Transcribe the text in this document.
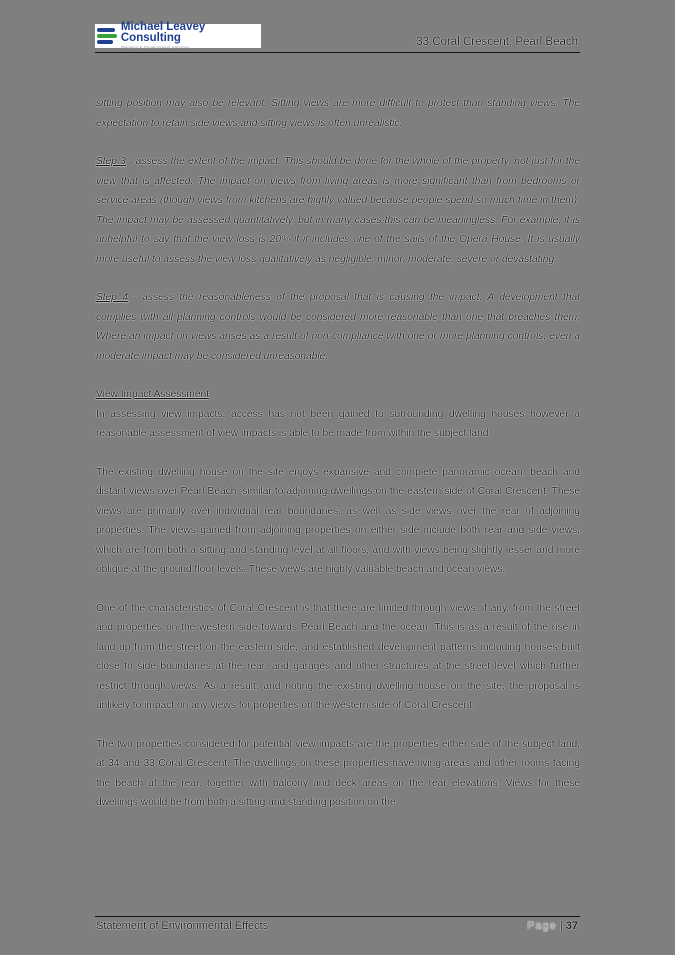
Michael Leavey Consulting
Planning & Development Services	33 Coral Crescent, Pearl Beach

sitting position may also be relevant. Sitting views are more difficult to protect than standing views. The expectation to retain side views and sitting views is often unrealistic.

Step 3 - assess the extent of the impact. This should be done for the whole of the property, not just for the view that is affected. The impact on views from living areas is more significant than from bedrooms or service areas (though views from kitchens are highly valued because people spend so much time in them). The impact may be assessed quantitatively, but in many cases this can be meaningless. For example, it is unhelpful to say that the view loss is 20% if it includes one of the sails of the Opera House. It is usually more useful to assess the view loss qualitatively as negligible, minor, moderate, severe or devastating.

Step 4 - assess the reasonableness of the proposal that is causing the impact. A development that complies with all planning controls would be considered more reasonable than one that breaches them. Where an impact on views arises as a result of non-compliance with one or more planning controls, even a moderate impact may be considered unreasonable.

View Impact Assessment

In assessing view impacts, access has not been gained to surrounding dwelling houses however a reasonable assessment of view impacts is able to be made from within the subject land.

The existing dwelling house on the site enjoys expansive and complete panoramic ocean, beach and distant views over Pearl Beach, similar to adjoining dwellings on the eastern side of Coral Crescent. These views are primarily over individual rear boundaries, as well as side views over the rear of adjoining properties. The views gained from adjoining properties on either side include both rear and side views, which are from both a sitting and standing level at all floors, and with views being slightly lesser and more oblique at the ground floor levels. These views are highly valuable beach and ocean views.

One of the characteristics of Coral Crescent is that there are limited through views, if any, from the street and properties on the western side towards Pearl Beach and the ocean. This is as a result of the rise in land up from the street on the eastern side, and established development patterns including houses built close to side boundaries at the rear, and garages and other structures at the street level which further restrict through views. As a result, and noting the existing dwelling house on the site, the proposal is unlikely to impact on any views for properties on the western side of Coral Crescent.

The two properties considered for potential view impacts are the properties either side of the subject land, at 34 and 33 Coral Crescent. The dwellings on these properties have living areas and other rooms facing the beach at the rear, together with balcony and deck areas on the rear elevations. Views for these dwellings would be from both a sitting and standing position on the

Statement of Environmental Effects	Page | 37
